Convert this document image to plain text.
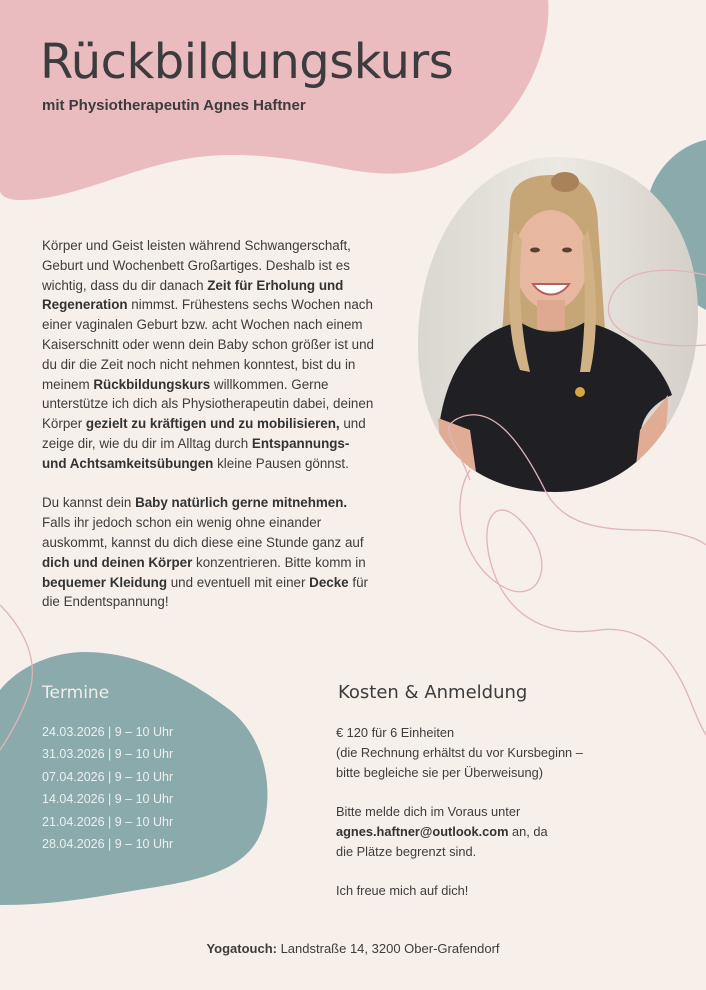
Rückbildungskurs
mit Physiotherapeutin Agnes Haftner

Körper und Geist leisten während Schwangerschaft, Geburt und Wochenbett Großartiges. Deshalb ist es wichtig, dass du dir danach Zeit für Erholung und Regeneration nimmst. Frühestens sechs Wochen nach einer vaginalen Geburt bzw. acht Wochen nach einem Kaiserschnitt oder wenn dein Baby schon größer ist und du dir die Zeit noch nicht nehmen konntest, bist du in meinem Rückbildungskurs willkommen. Gerne unterstütze ich dich als Physiotherapeutin dabei, deinen Körper gezielt zu kräftigen und zu mobilisieren, und zeige dir, wie du dir im Alltag durch Entspannungs- und Achtsamkeitsübungen kleine Pausen gönnst.

Du kannst dein Baby natürlich gerne mitnehmen. Falls ihr jedoch schon ein wenig ohne einander auskommt, kannst du dich diese eine Stunde ganz auf dich und deinen Körper konzentrieren. Bitte komm in bequemer Kleidung und eventuell mit einer Decke für die Endentspannung!

Termine
24.03.2026 | 9 – 10 Uhr
31.03.2026 | 9 – 10 Uhr
07.04.2026 | 9 – 10 Uhr
14.04.2026 | 9 – 10 Uhr
21.04.2026 | 9 – 10 Uhr
28.04.2026 | 9 – 10 Uhr
Kosten & Anmeldung
€ 120 für 6 Einheiten
(die Rechnung erhältst du vor Kursbeginn –
bitte begleiche sie per Überweisung)
Bitte melde dich im Voraus unter
agnes.haftner@outlook.com an, da
die Plätze begrenzt sind.
Ich freue mich auf dich!
Yogatouch: Landstraße 14, 3200 Ober-Grafendorf
